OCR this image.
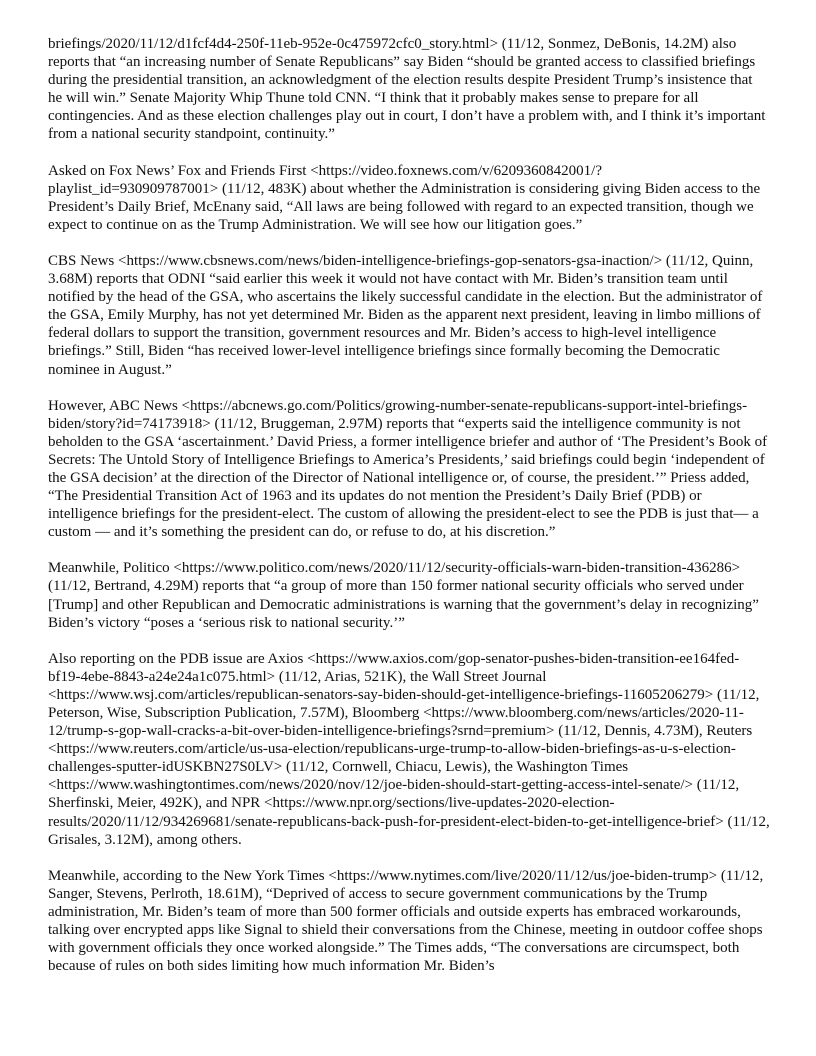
briefings/2020/11/12/d1fcf4d4-250f-11eb-952e-0c475972cfc0_story.html> (11/12, Sonmez, DeBonis, 14.2M) also reports that “an increasing number of Senate Republicans” say Biden “should be granted access to classified briefings during the presidential transition, an acknowledgment of the election results despite President Trump’s insistence that he will win.” Senate Majority Whip Thune told CNN. “I think that it probably makes sense to prepare for all contingencies. And as these election challenges play out in court, I don’t have a problem with, and I think it’s important from a national security standpoint, continuity.”

Asked on Fox News’ Fox and Friends First <https://video.foxnews.com/v/6209360842001/?playlist_id=930909787001> (11/12, 483K) about whether the Administration is considering giving Biden access to the President’s Daily Brief, McEnany said, “All laws are being followed with regard to an expected transition, though we expect to continue on as the Trump Administration. We will see how our litigation goes.”

CBS News <https://www.cbsnews.com/news/biden-intelligence-briefings-gop-senators-gsa-inaction/> (11/12, Quinn, 3.68M) reports that ODNI “said earlier this week it would not have contact with Mr. Biden’s transition team until notified by the head of the GSA, who ascertains the likely successful candidate in the election. But the administrator of the GSA, Emily Murphy, has not yet determined Mr. Biden as the apparent next president, leaving in limbo millions of federal dollars to support the transition, government resources and Mr. Biden’s access to high-level intelligence briefings.” Still, Biden “has received lower-level intelligence briefings since formally becoming the Democratic nominee in August.”

However, ABC News <https://abcnews.go.com/Politics/growing-number-senate-republicans-support-intel-briefings-biden/story?id=74173918> (11/12, Bruggeman, 2.97M) reports that “experts said the intelligence community is not beholden to the GSA ‘ascertainment.’ David Priess, a former intelligence briefer and author of ‘The President’s Book of Secrets: The Untold Story of Intelligence Briefings to America’s Presidents,’ said briefings could begin ‘independent of the GSA decision’ at the direction of the Director of National intelligence or, of course, the president.’” Priess added, “The Presidential Transition Act of 1963 and its updates do not mention the President’s Daily Brief (PDB) or intelligence briefings for the president-elect. The custom of allowing the president-elect to see the PDB is just that— a custom — and it’s something the president can do, or refuse to do, at his discretion.”

Meanwhile, Politico <https://www.politico.com/news/2020/11/12/security-officials-warn-biden-transition-436286> (11/12, Bertrand, 4.29M) reports that “a group of more than 150 former national security officials who served under [Trump] and other Republican and Democratic administrations is warning that the government’s delay in recognizing” Biden’s victory “poses a ‘serious risk to national security.’”

Also reporting on the PDB issue are Axios <https://www.axios.com/gop-senator-pushes-biden-transition-ee164fed-bf19-4ebe-8843-a24e24a1c075.html> (11/12, Arias, 521K), the Wall Street Journal <https://www.wsj.com/articles/republican-senators-say-biden-should-get-intelligence-briefings-11605206279> (11/12, Peterson, Wise, Subscription Publication, 7.57M), Bloomberg <https://www.bloomberg.com/news/articles/2020-11-12/trump-s-gop-wall-cracks-a-bit-over-biden-intelligence-briefings?srnd=premium> (11/12, Dennis, 4.73M), Reuters <https://www.reuters.com/article/us-usa-election/republicans-urge-trump-to-allow-biden-briefings-as-u-s-election-challenges-sputter-idUSKBN27S0LV> (11/12, Cornwell, Chiacu, Lewis), the Washington Times <https://www.washingtontimes.com/news/2020/nov/12/joe-biden-should-start-getting-access-intel-senate/> (11/12, Sherfinski, Meier, 492K), and NPR <https://www.npr.org/sections/live-updates-2020-election-results/2020/11/12/934269681/senate-republicans-back-push-for-president-elect-biden-to-get-intelligence-brief> (11/12, Grisales, 3.12M), among others.

Meanwhile, according to the New York Times <https://www.nytimes.com/live/2020/11/12/us/joe-biden-trump> (11/12, Sanger, Stevens, Perlroth, 18.61M), “Deprived of access to secure government communications by the Trump administration, Mr. Biden’s team of more than 500 former officials and outside experts has embraced workarounds, talking over encrypted apps like Signal to shield their conversations from the Chinese, meeting in outdoor coffee shops with government officials they once worked alongside.” The Times adds, “The conversations are circumspect, both because of rules on both sides limiting how much information Mr. Biden’s
